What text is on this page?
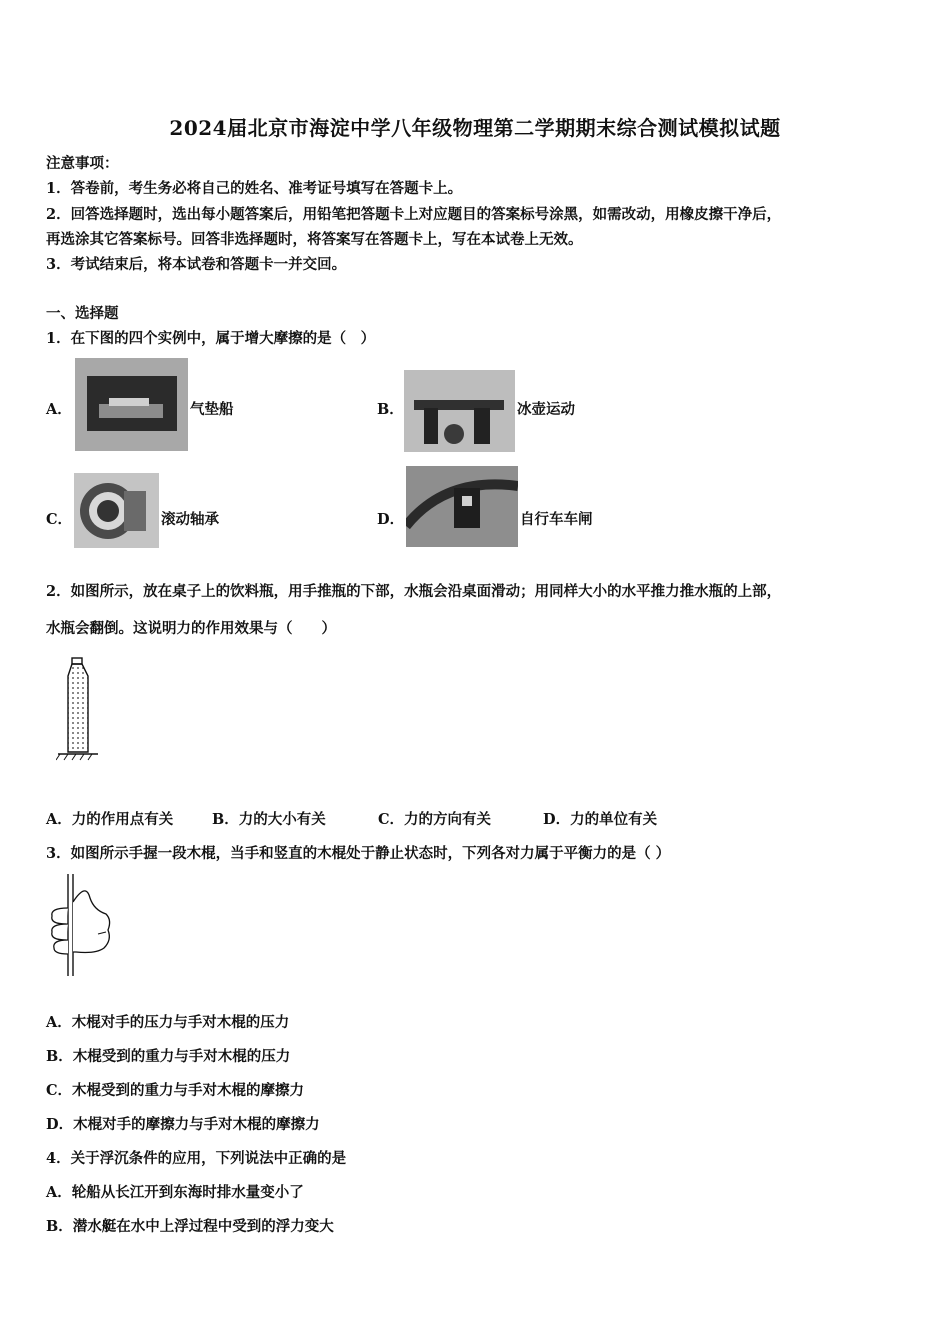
2024届北京市海淀中学八年级物理第二学期期末综合测试模拟试题
注意事项：
1．答卷前，考生务必将自己的姓名、准考证号填写在答题卡上。
2．回答选择题时，选出每小题答案后，用铅笔把答题卡上对应题目的答案标号涂黑，如需改动，用橡皮擦干净后，
再选涂其它答案标号。回答非选择题时，将答案写在答题卡上，写在本试卷上无效。
3．考试结束后，将本试卷和答题卡一并交回。
一、选择题
1．在下图的四个实例中，属于增大摩擦的是（　）
A．	气垫船	B．	冰壶运动
C．	滚动轴承	D．	自行车车闸
2．如图所示，放在桌子上的饮料瓶，用手推瓶的下部，水瓶会沿桌面滑动；用同样大小的水平推力推水瓶的上部，
水瓶会翻倒。这说明力的作用效果与（　　）
A．力的作用点有关	B．力的大小有关	C．力的方向有关	D．力的单位有关
3．如图所示手握一段木棍，当手和竖直的木棍处于静止状态时，下列各对力属于平衡力的是（ ）
A．木棍对手的压力与手对木棍的压力
B．木棍受到的重力与手对木棍的压力
C．木棍受到的重力与手对木棍的摩擦力
D．木棍对手的摩擦力与手对木棍的摩擦力
4．关于浮沉条件的应用，下列说法中正确的是
A．轮船从长江开到东海时排水量变小了
B．潜水艇在水中上浮过程中受到的浮力变大
